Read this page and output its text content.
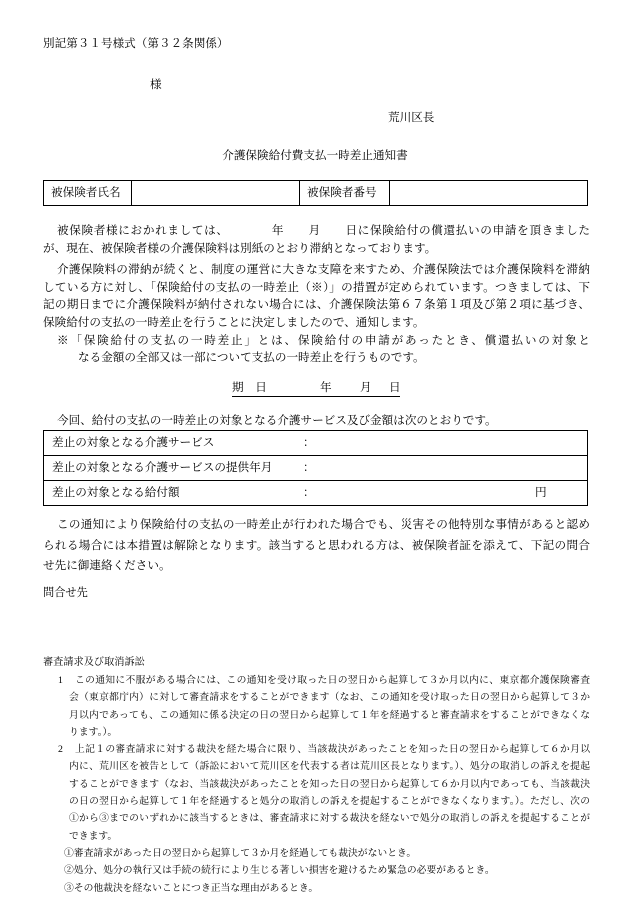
別記第３１号様式（第３２条関係）
様
荒川区長
介護保険給付費支払一時差止通知書
被保険者氏名	被保険者番号
被保険者様におかれましては、　　　　年　　月　　日に保険給付の償還払いの申請を頂きました
が、現在、被保険者様の介護保険料は別紙のとおり滞納となっております。
介護保険料の滞納が続くと、制度の運営に大きな支障を来すため、介護保険法では介護保険料を滞納
している方に対し、「保険給付の支払の一時差止（※）」の措置が定められています。つきましては、下
記の期日までに介護保険料が納付されない場合には、介護保険法第６７条第１項及び第２項に基づき、
保険給付の支払の一時差止を行うことに決定しましたので、通知します。
※「保険給付の支払の一時差止」とは、保険給付の申請があったとき、償還払いの対象と
なる金額の全部又は一部について支払の一時差止を行うものです。
期　日	年 月 日
今回、給付の支払の一時差止の対象となる介護サービス及び金額は次のとおりです。
差止の対象となる介護サービス	：
差止の対象となる介護サービスの提供年月	：
差止の対象となる給付額	：	円
この通知により保険給付の支払の一時差止が行われた場合でも、災害その他特別な事情があると認め
られる場合には本措置は解除となります。該当すると思われる方は、被保険者証を添えて、下記の問合
せ先に御連絡ください。
問合せ先
審査請求及び取消訴訟
1 この通知に不服がある場合には、この通知を受け取った日の翌日から起算して３か月以内に、東京都介護保険審査
会（東京都庁内）に対して審査請求をすることができます（なお、この通知を受け取った日の翌日から起算して３か
月以内であっても、この通知に係る決定の日の翌日から起算して１年を経過すると審査請求をすることができなくな
ります。）。
2 上記１の審査請求に対する裁決を経た場合に限り、当該裁決があったことを知った日の翌日から起算して６か月以
内に、荒川区を被告として（訴訟において荒川区を代表する者は荒川区長となります。）、処分の取消しの訴えを提起
することができます（なお、当該裁決があったことを知った日の翌日から起算して６か月以内であっても、当該裁決
の日の翌日から起算して１年を経過すると処分の取消しの訴えを提起することができなくなります。）。ただし、次の
①から③までのいずれかに該当するときは、審査請求に対する裁決を経ないで処分の取消しの訴えを提起することが
できます。
①審査請求があった日の翌日から起算して３か月を経過しても裁決がないとき。
②処分、処分の執行又は手続の続行により生じる著しい損害を避けるため緊急の必要があるとき。
③その他裁決を経ないことにつき正当な理由があるとき。
